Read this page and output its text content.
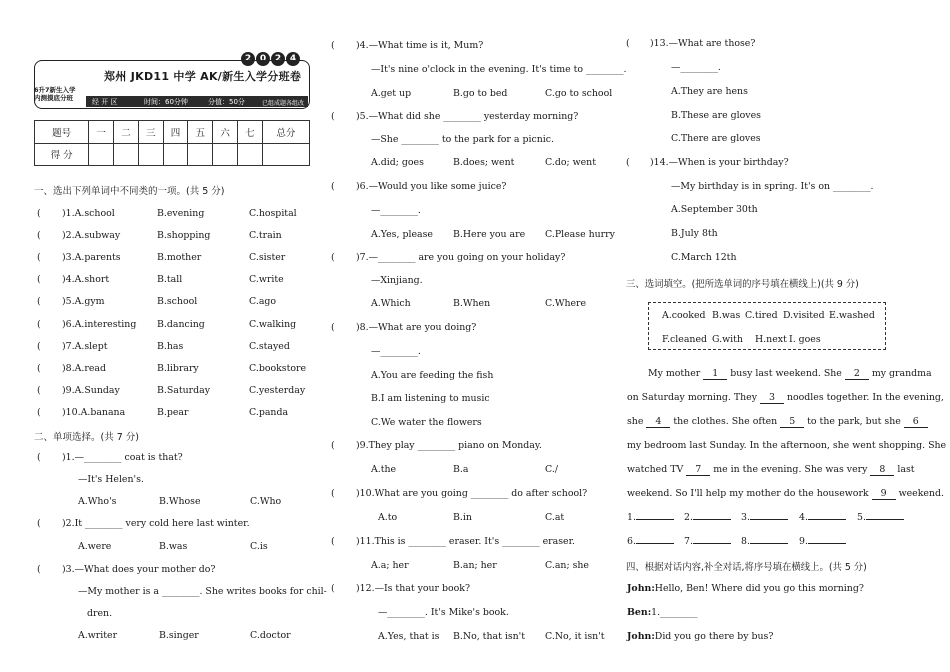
2 0 2 4
6升7新生入学
内测摸底分班
郑州 JKD11 中学 AK/新生入学分班卷
经 开 区	时间：60分钟	分值：50分	已组成题各组改
题号	一	二	三	四	五	六	七	总分
得 分								
一、选出下列单词中不同类的一项。(共 5 分)
( )1.A.school	B.evening	C.hospital
( )2.A.subway	B.shopping	C.train
( )3.A.parents	B.mother	C.sister
( )4.A.short	B.tall	C.write
( )5.A.gym	B.school	C.ago
( )6.A.interesting B.dancing	C.walking
( )7.A.slept	B.has	C.stayed
( )8.A.read	B.library	C.bookstore
( )9.A.Sunday	B.Saturday	C.yesterday
( )10.A.banana	B.pear	C.panda
二、单项选择。(共 7 分)
( )1.—________ coat is that?
—It's Helen's.
A.Who's	B.Whose	C.Who
( )2.It ________ very cold here last winter.
A.were	B.was	C.is
( )3.—What does your mother do?
—My mother is a ________. She writes books for chil-
dren.
A.writer	B.singer	C.doctor
( )4.—What time is it, Mum?
—It's nine o'clock in the evening. It's time to ________.
A.get up	B.go to bed	C.go to school
( )5.—What did she ________ yesterday morning?
—She ________ to the park for a picnic.
A.did; goes	B.does; went	C.do; went
( )6.—Would you like some juice?
—________.
A.Yes, please B.Here you are C.Please hurry
( )7.—________ are you going on your holiday?
—Xinjiang.
A.Which	B.When	C.Where
( )8.—What are you doing?
—________.
A.You are feeding the fish
B.I am listening to music
C.We water the flowers
( )9.They play ________ piano on Monday.
A.the	B.a	C./
( )10.What are you going ________ do after school?
A.to	B.in	C.at
( )11.This is ________ eraser. It's ________ eraser.
A.a; her	B.an; her	C.an; she
( )12.—Is that your book?
—________. It's Mike's book.
A.Yes, that is B.No, that isn't C.No, it isn't
( )13.—What are those?
—________.
A.They are hens
B.These are gloves
C.There are gloves
( )14.—When is your birthday?
—My birthday is in spring. It's on ________.
A.September 30th
B.July 8th
C.March 12th
三、选词填空。(把所选单词的序号填在横线上)(共 9 分)
A.cooked B.was C.tired D.visited E.washed
F.cleaned G.with H.next I. goes
My mother 1 busy last weekend. She 2 my grandma
on Saturday morning. They 3 noodles together. In the evening,
she 4 the clothes. She often 5 to the park, but she 6
my bedroom last Sunday. In the afternoon, she went shopping. She
watched TV 7 me in the evening. She was very 8 last
weekend. So I'll help my mother do the housework 9 weekend.
1.	2.	3.	4.	5.
6.	7.	8.	9.
四、根据对话内容,补全对话,将序号填在横线上。(共 5 分)
John:Hello, Ben! Where did you go this morning?
Ben:1.________
John:Did you go there by bus?
